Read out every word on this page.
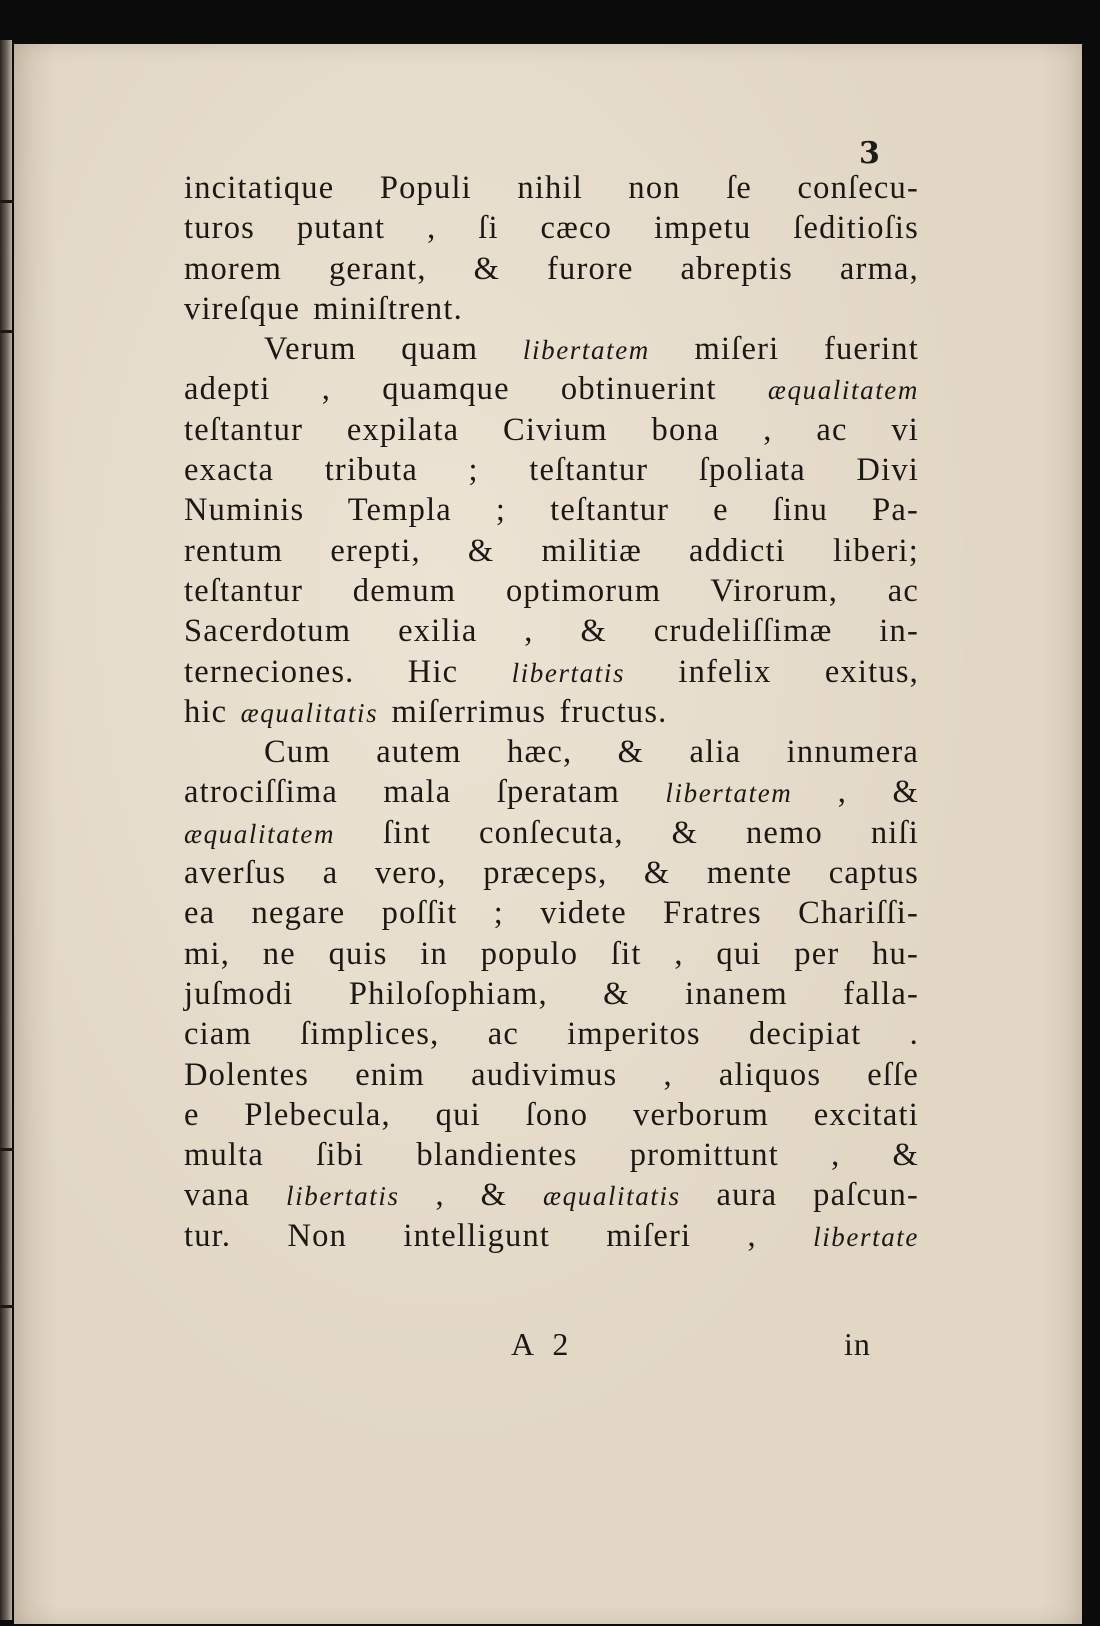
3
incitatique Populi nihil non ſe conſecu-
turos putant , ſi cæco impetu ſeditioſis
morem gerant, & furore abreptis arma,
vireſque miniſtrent.
Verum quam libertatem miſeri fuerint
adepti , quamque obtinuerint æqualitatem
teſtantur expilata Civium bona , ac vi
exacta tributa ; teſtantur ſpoliata Divi
Numinis Templa ; teſtantur e ſinu Pa-
rentum erepti, & militiæ addicti liberi;
teſtantur demum optimorum Virorum, ac
Sacerdotum exilia , & crudeliſſimæ in-
terneciones. Hic libertatis infelix exitus,
hic æqualitatis miſerrimus fructus.
Cum autem hæc, & alia innumera
atrociſſima mala ſperatam libertatem , &
æqualitatem ſint conſecuta, & nemo niſi
averſus a vero, præceps, & mente captus
ea negare poſſit ; videte Fratres Chariſſi-
mi, ne quis in populo ſit , qui per hu-
juſmodi Philoſophiam, & inanem falla-
ciam ſimplices, ac imperitos decipiat .
Dolentes enim audivimus , aliquos eſſe
e Plebecula, qui ſono verborum excitati
multa ſibi blandientes promittunt , &
vana libertatis , & æqualitatis aura paſcun-
tur. Non intelligunt miſeri , libertate
A 2	in
